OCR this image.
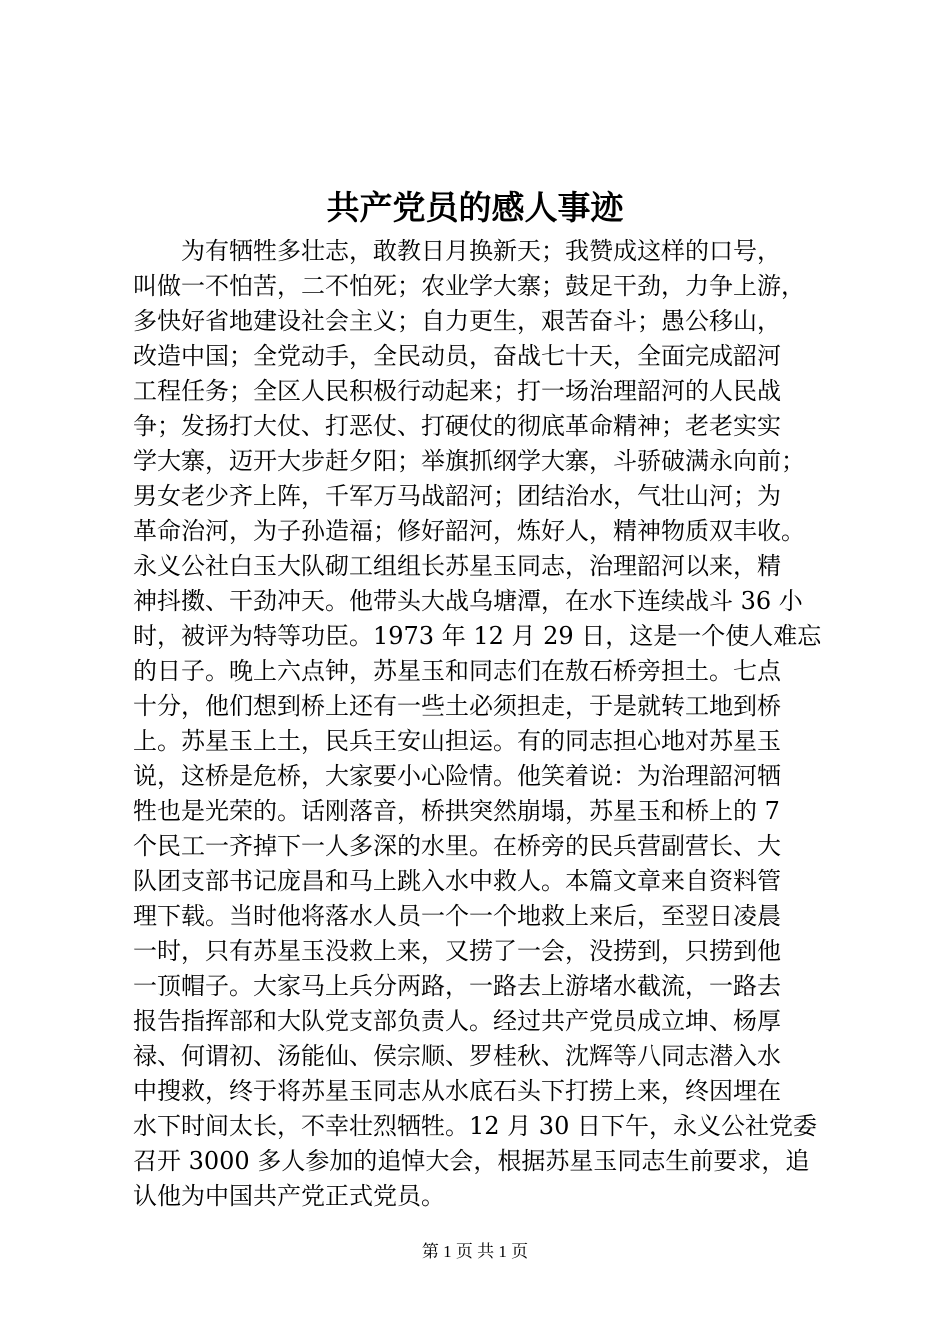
共产党员的感人事迹
为有牺牲多壮志，敢教日月换新天；我赞成这样的口号，
叫做一不怕苦，二不怕死；农业学大寨；鼓足干劲，力争上游，
多快好省地建设社会主义；自力更生，艰苦奋斗；愚公移山，
改造中国；全党动手，全民动员，奋战七十天，全面完成韶河
工程任务；全区人民积极行动起来；打一场治理韶河的人民战
争；发扬打大仗、打恶仗、打硬仗的彻底革命精神；老老实实
学大寨，迈开大步赶夕阳；举旗抓纲学大寨，斗骄破满永向前；
男女老少齐上阵，千军万马战韶河；团结治水，气壮山河；为
革命治河，为子孙造福；修好韶河，炼好人，精神物质双丰收。
永义公社白玉大队砌工组组长苏星玉同志，治理韶河以来，精
神抖擞、干劲冲天。他带头大战乌塘潭，在水下连续战斗 36 小
时，被评为特等功臣。1973 年 12 月 29 日，这是一个使人难忘
的日子。晚上六点钟，苏星玉和同志们在敖石桥旁担土。七点
十分，他们想到桥上还有一些土必须担走，于是就转工地到桥
上。苏星玉上土，民兵王安山担运。有的同志担心地对苏星玉
说，这桥是危桥，大家要小心险情。他笑着说：为治理韶河牺
牲也是光荣的。话刚落音，桥拱突然崩塌，苏星玉和桥上的 7
个民工一齐掉下一人多深的水里。在桥旁的民兵营副营长、大
队团支部书记庞昌和马上跳入水中救人。本篇文章来自资料管
理下载。当时他将落水人员一个一个地救上来后，至翌日凌晨
一时，只有苏星玉没救上来，又捞了一会，没捞到，只捞到他
一顶帽子。大家马上兵分两路，一路去上游堵水截流，一路去
报告指挥部和大队党支部负责人。经过共产党员成立坤、杨厚
禄、何谓初、汤能仙、侯宗顺、罗桂秋、沈辉等八同志潜入水
中搜救，终于将苏星玉同志从水底石头下打捞上来，终因埋在
水下时间太长，不幸壮烈牺牲。12 月 30 日下午，永义公社党委
召开 3000 多人参加的追悼大会，根据苏星玉同志生前要求，追
认他为中国共产党正式党员。
第 1 页 共 1 页
